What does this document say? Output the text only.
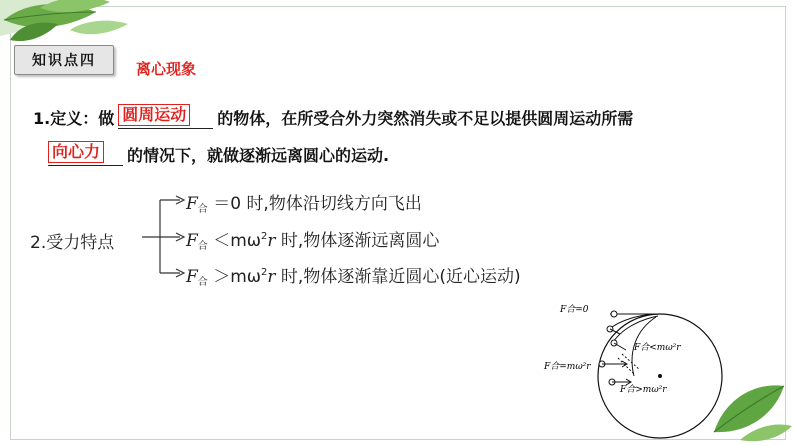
知识点四	离心现象
1.定义：做 圆周运动 的物体，在所受合外力突然消失或不足以提供圆周运动所需
向心力 的情况下，就做逐渐远离圆心的运动.
2.受力特点
$F_合 =0$ 时,物体沿切线方向飞出
$F_合 <m\omega^2r$ 时,物体逐渐远离圆心
$F_合 >m\omega^2r$ 时,物体逐渐靠近圆心(近心运动)
F合=0
F合<mω²r
F合=mω²r
F合>mω²r
